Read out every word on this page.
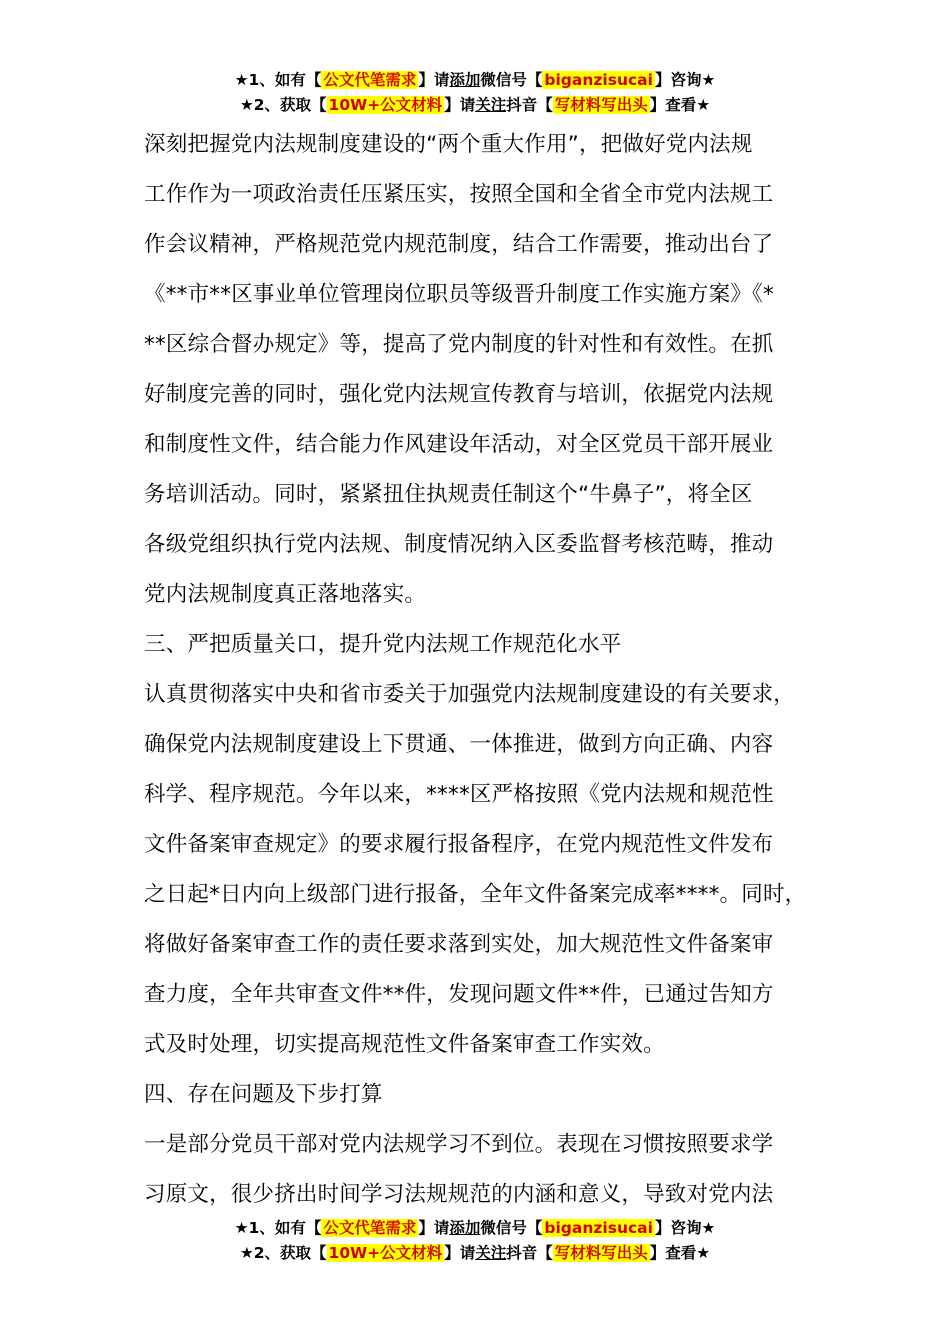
★1、如有【 公文代笔需求 】请添加微信号【 biganzisucai 】咨询★
★2、获取【 10W+公文材料 】请关注抖音【 写材料写出头 】查看★

深刻把握党内法规制度建设的“两个重大作用”，把做好党内法规

工作作为一项政治责任压紧压实，按照全国和全省全市党内法规工

作会议精神，严格规范党内规范制度，结合工作需要，推动出台了

《**市**区事业单位管理岗位职员等级晋升制度工作实施方案》《*

**区综合督办规定》等，提高了党内制度的针对性和有效性。在抓

好制度完善的同时，强化党内法规宣传教育与培训，依据党内法规

和制度性文件，结合能力作风建设年活动，对全区党员干部开展业

务培训活动。同时，紧紧扭住执规责任制这个“牛鼻子”，将全区

各级党组织执行党内法规、制度情况纳入区委监督考核范畴，推动

党内法规制度真正落地落实。

三、严把质量关口，提升党内法规工作规范化水平

认真贯彻落实中央和省市委关于加强党内法规制度建设的有关要求，

确保党内法规制度建设上下贯通、一体推进，做到方向正确、内容

科学、程序规范。今年以来，****区严格按照《党内法规和规范性

文件备案审查规定》的要求履行报备程序，在党内规范性文件发布

之日起*日内向上级部门进行报备，全年文件备案完成率****。同时，

将做好备案审查工作的责任要求落到实处，加大规范性文件备案审

查力度，全年共审查文件**件，发现问题文件**件，已通过告知方

式及时处理，切实提高规范性文件备案审查工作实效。

四、存在问题及下步打算

一是部分党员干部对党内法规学习不到位。表现在习惯按照要求学

习原文，很少挤出时间学习法规规范的内涵和意义，导致对党内法

★1、如有【 公文代笔需求 】请添加微信号【 biganzisucai 】咨询★
★2、获取【 10W+公文材料 】请关注抖音【 写材料写出头 】查看★
